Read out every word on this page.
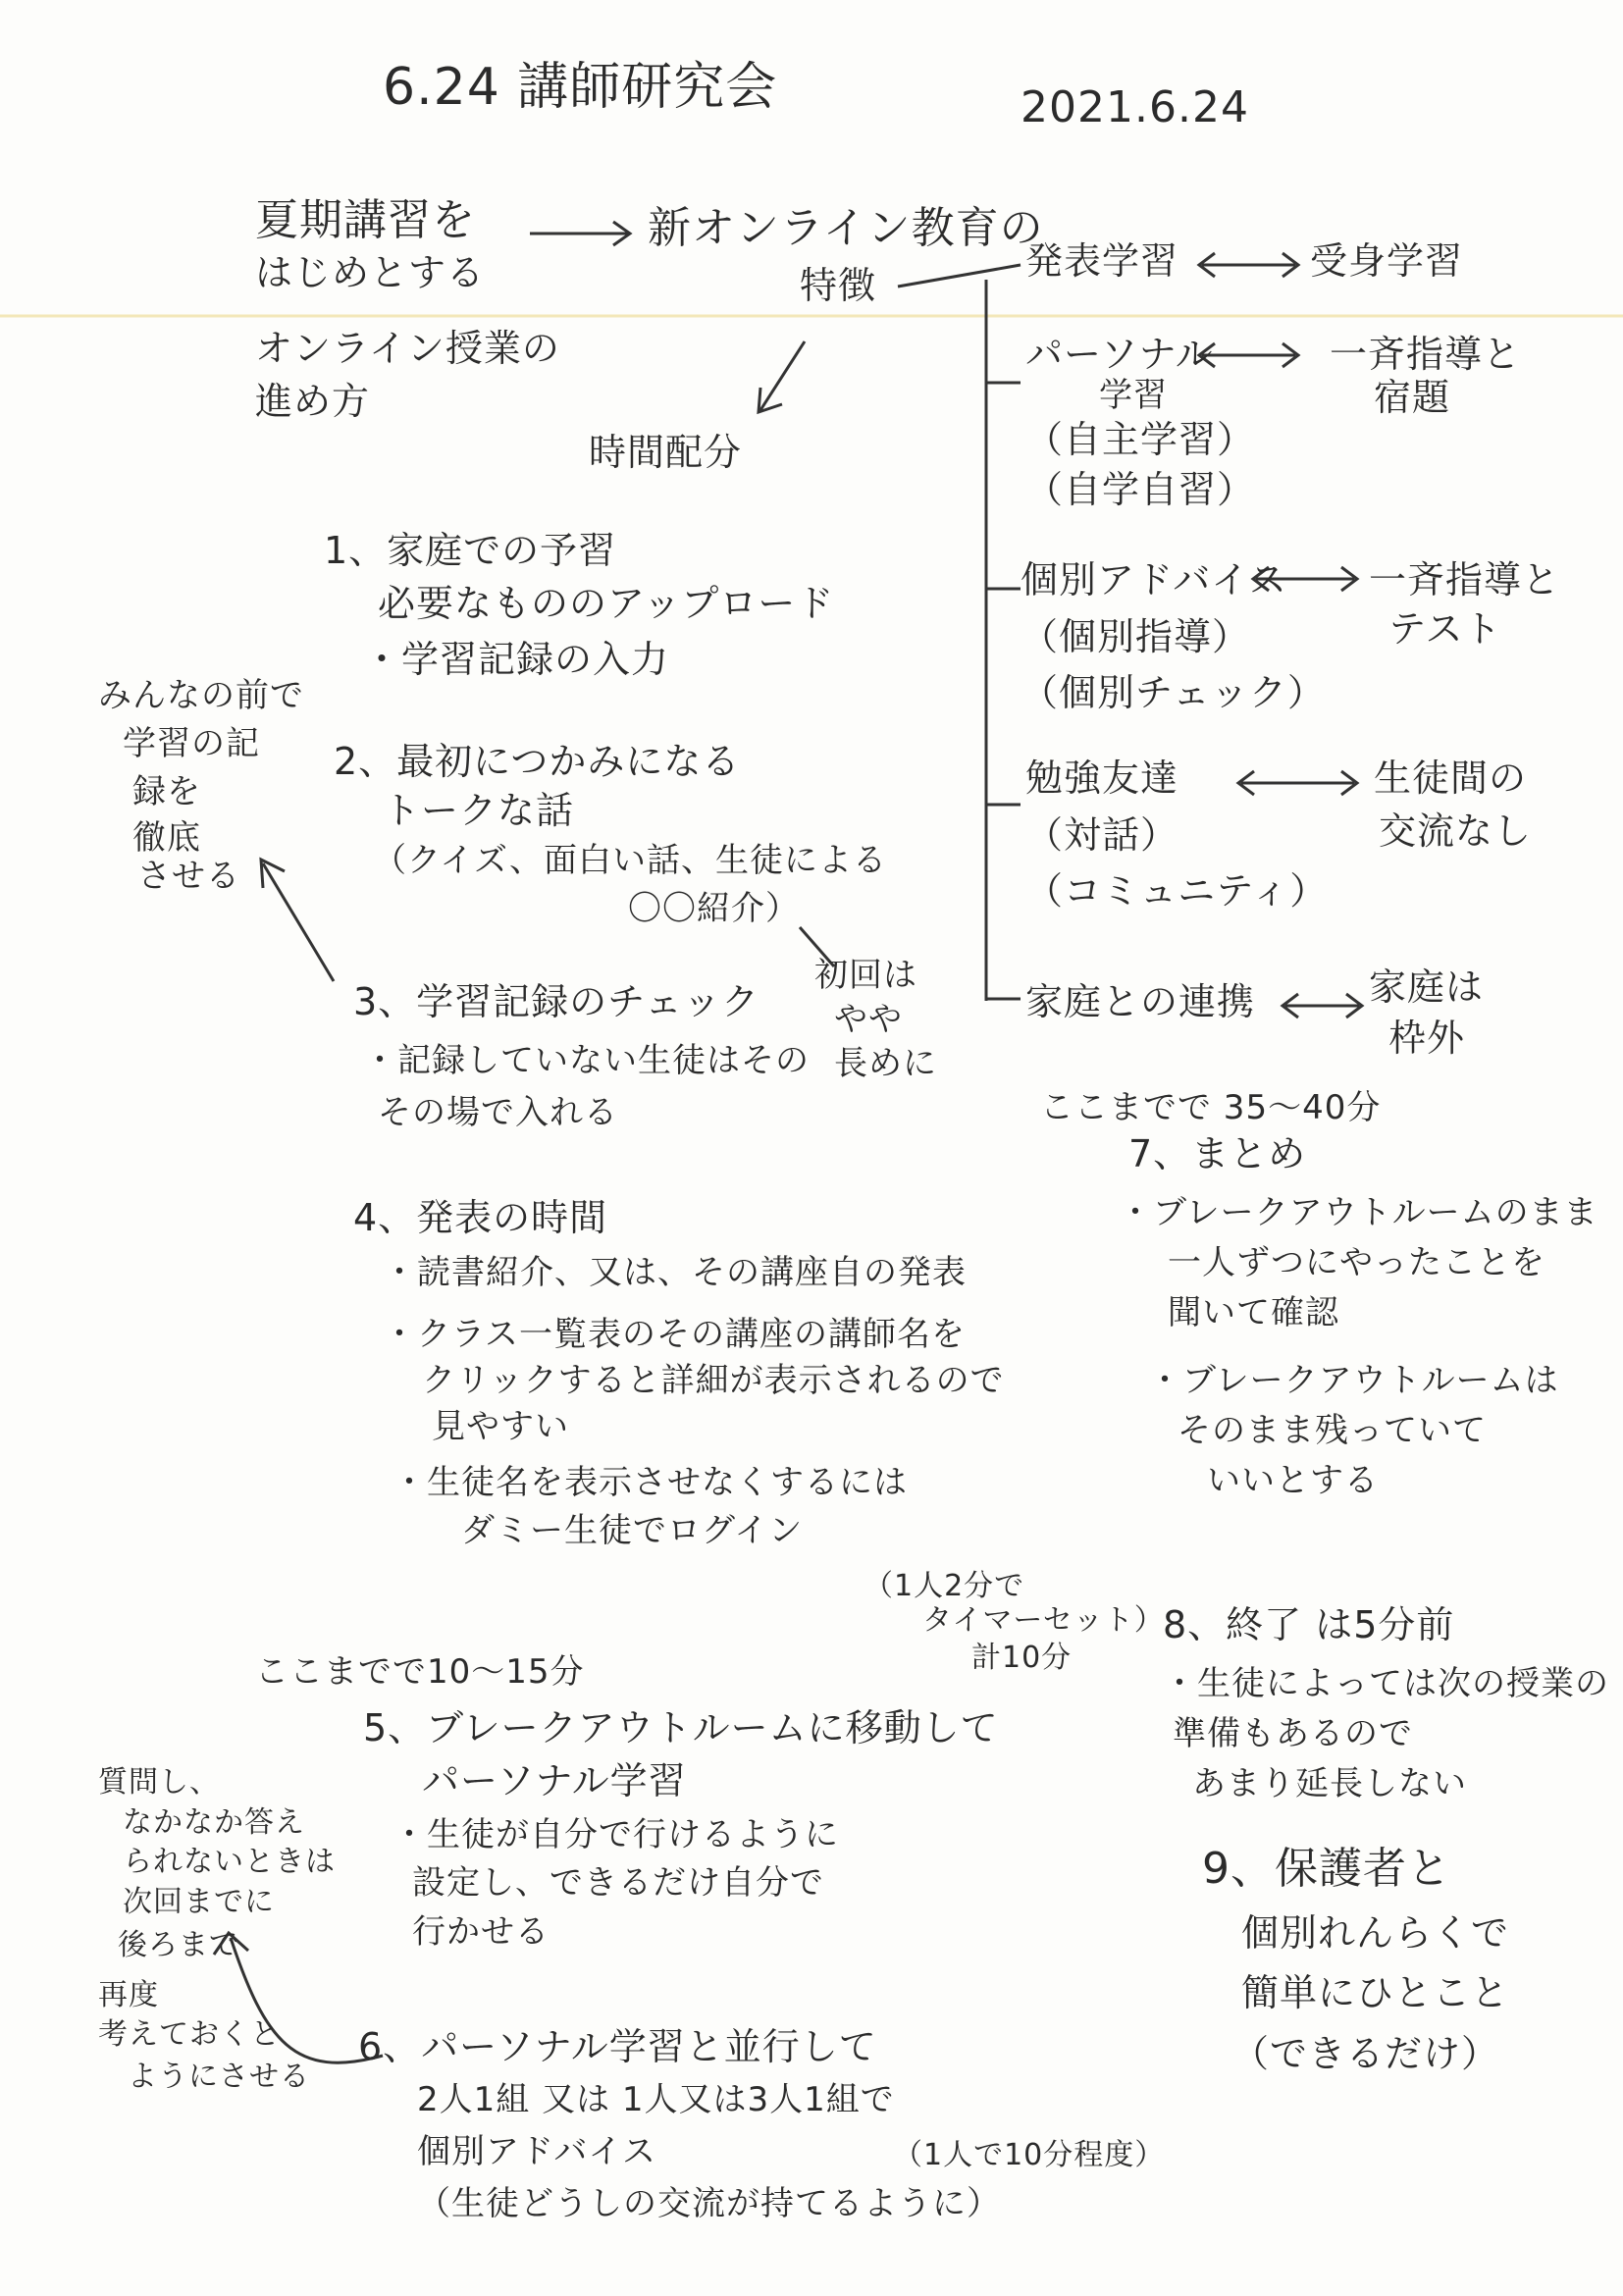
6.24 講師研究会	2021.6.24
夏期講習を
はじめとする
オンライン授業の
進め方
新オンライン教育の
特徴
時間配分
発表学習	受身学習
パーソナル
学習
（自主学習）
（自学自習）
一斉指導と
宿題
個別アドバイス
（個別指導）
（個別チェック）
一斉指導と
テスト
勉強友達
（対話）
（コミュニティ）
生徒間の
交流なし
家庭との連携	家庭は
枠外
みんなの前で
学習の記
録を
徹底
させる
1、家庭での予習
必要なもののアップロード
・学習記録の入力
2、最初につかみになる
トークな話
（クイズ、面白い話、生徒による
〇〇紹介）
初回は
やや
長めに
3、学習記録のチェック
・記録していない生徒はその
その場で入れる
4、発表の時間
・読書紹介、又は、その講座自の発表
・クラス一覧表のその講座の講師名を
クリックすると詳細が表示されるので
見やすい
・生徒名を表示させなくするには
ダミー生徒でログイン
（1人2分で
タイマーセット）
計10分
ここまでで10～15分
5、ブレークアウトルームに移動して
パーソナル学習
・生徒が自分で行けるように
設定し、できるだけ自分で
行かせる
質問し、
なかなか答え
られないときは
次回までに
後ろまで
再度
考えておくと
ようにさせる
6、パーソナル学習と並行して
2人1組 又は 1人又は3人1組で
個別アドバイス
（生徒どうしの交流が持てるように）
（1人で10分程度）
ここまでで 35～40分
7、まとめ
・ブレークアウトルームのまま
一人ずつにやったことを
聞いて確認
・ブレークアウトルームは
そのまま残っていて
いいとする
8、終了 は5分前
・生徒によっては次の授業の
準備もあるので
あまり延長しない
9、保護者と
個別れんらくで
簡単にひとこと
（できるだけ）
